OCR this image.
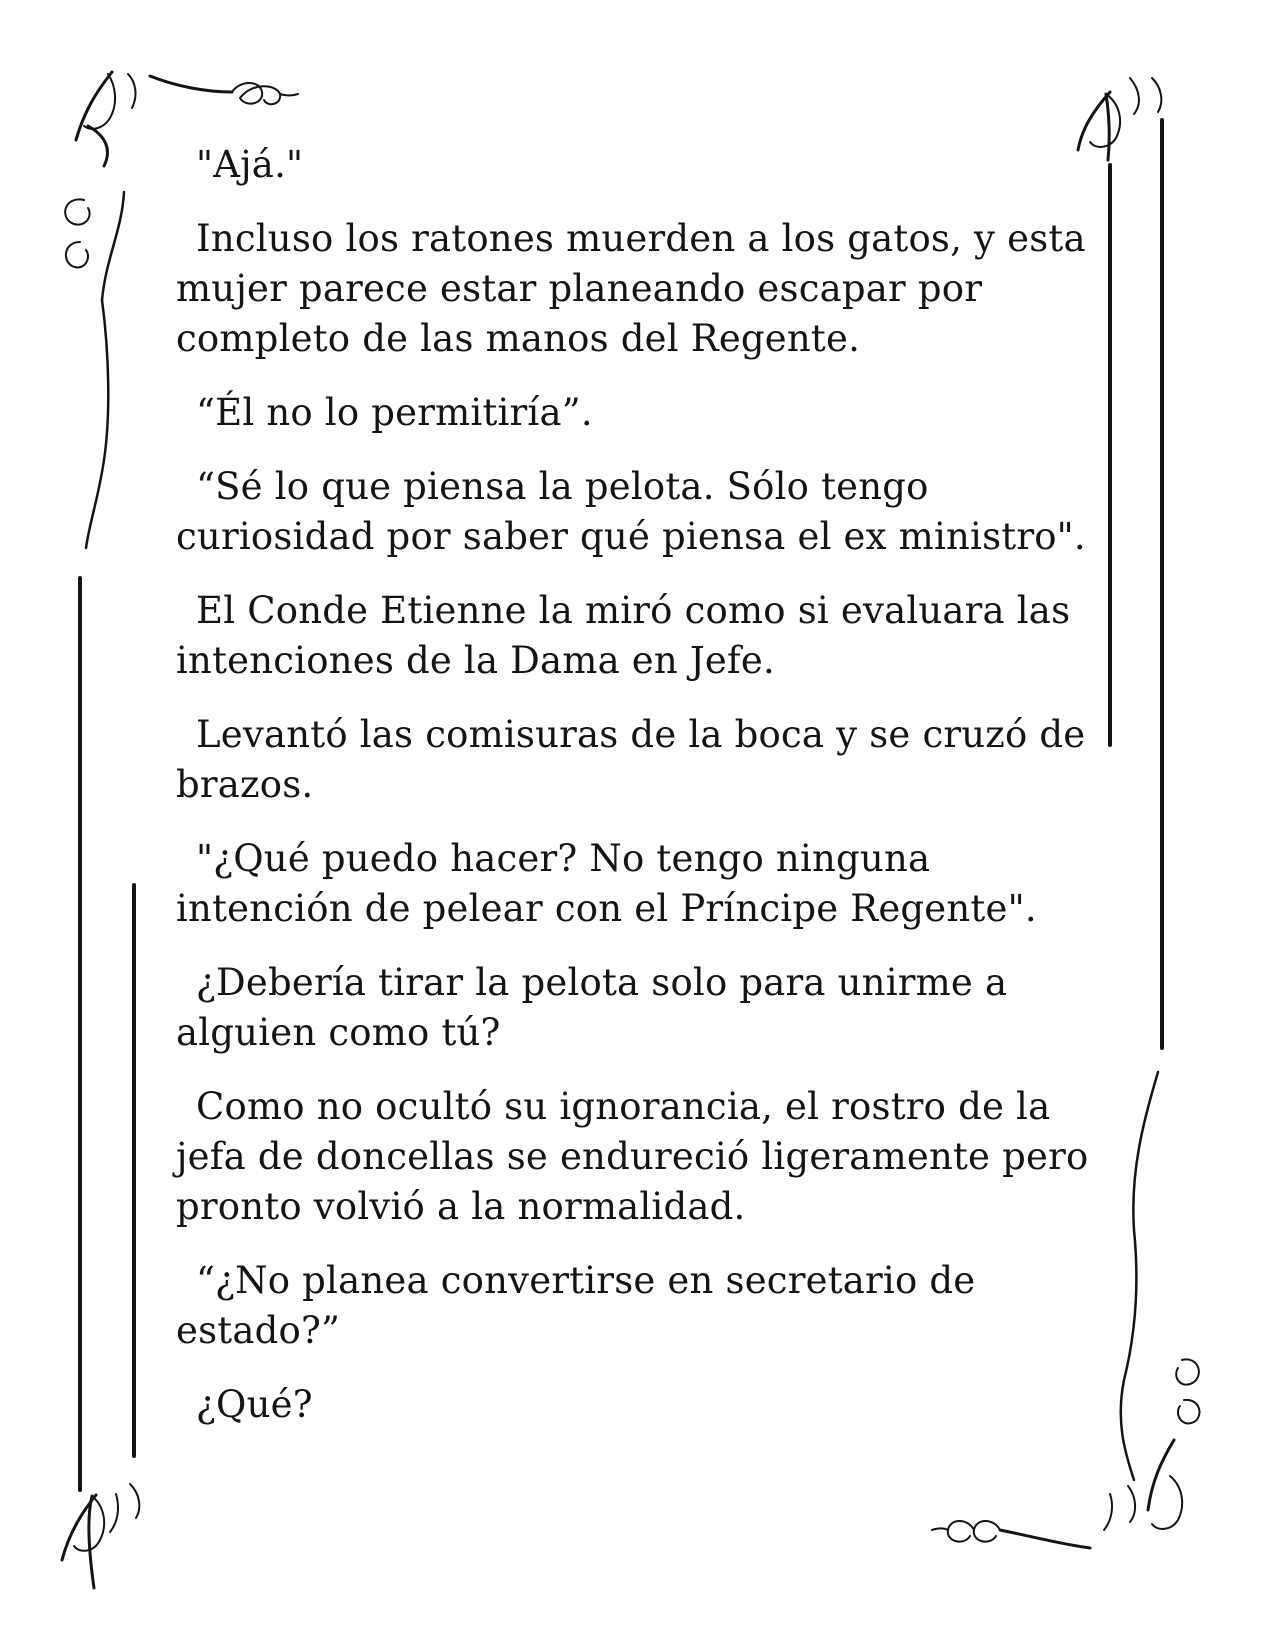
"Ajá."

Incluso los ratones muerden a los gatos, y esta mujer parece estar planeando escapar por completo de las manos del Regente.

“Él no lo permitiría”.

“Sé lo que piensa la pelota. Sólo tengo curiosidad por saber qué piensa el ex ministro".

El Conde Etienne la miró como si evaluara las intenciones de la Dama en Jefe.

Levantó las comisuras de la boca y se cruzó de brazos.

"¿Qué puedo hacer? No tengo ninguna intención de pelear con el Príncipe Regente".

¿Debería tirar la pelota solo para unirme a alguien como tú?

Como no ocultó su ignorancia, el rostro de la jefa de doncellas se endureció ligeramente pero pronto volvió a la normalidad.

“¿No planea convertirse en secretario de estado?”

¿Qué?
